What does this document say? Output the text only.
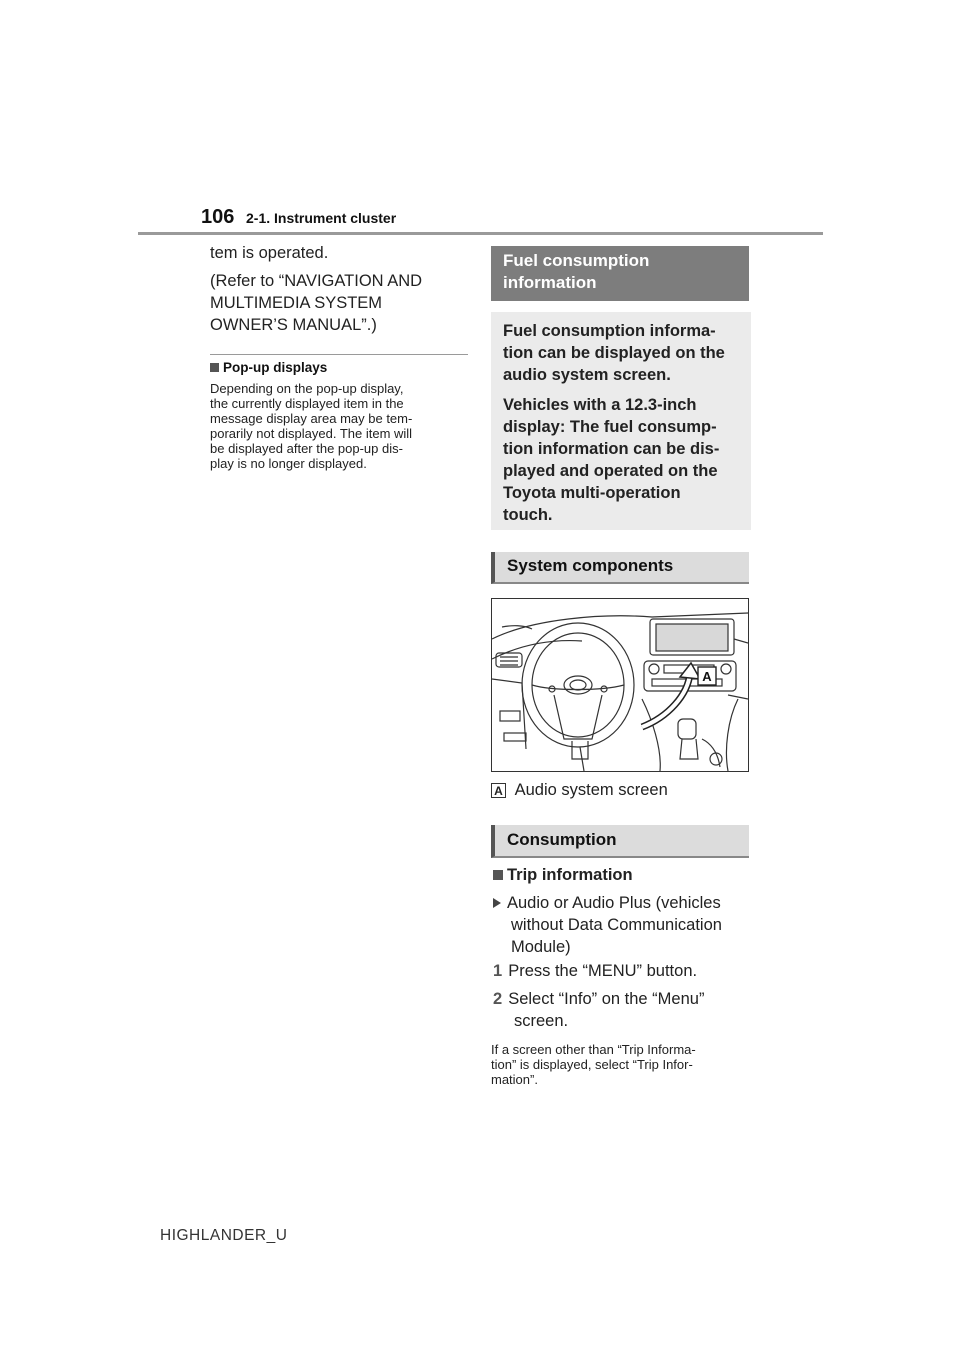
106 2-1. Instrument cluster
tem is operated.
(Refer to “NAVIGATION AND
MULTIMEDIA SYSTEM
OWNER’S MANUAL”.)
Pop-up displays
Depending on the pop-up display,
the currently displayed item in the
message display area may be tem-
porarily not displayed. The item will
be displayed after the pop-up dis-
play is no longer displayed.
Fuel consumption
information
Fuel consumption informa-
tion can be displayed on the
audio system screen.
Vehicles with a 12.3-inch
display: The fuel consump-
tion information can be dis-
played and operated on the
Toyota multi-operation
touch.
System components
A
A Audio system screen
Consumption
Trip information
Audio or Audio Plus (vehicles
without Data Communication
Module)
1 Press the “MENU” button.
2 Select “Info” on the “Menu”
screen.
If a screen other than “Trip Informa-
tion” is displayed, select “Trip Infor-
mation”.
HIGHLANDER_U
